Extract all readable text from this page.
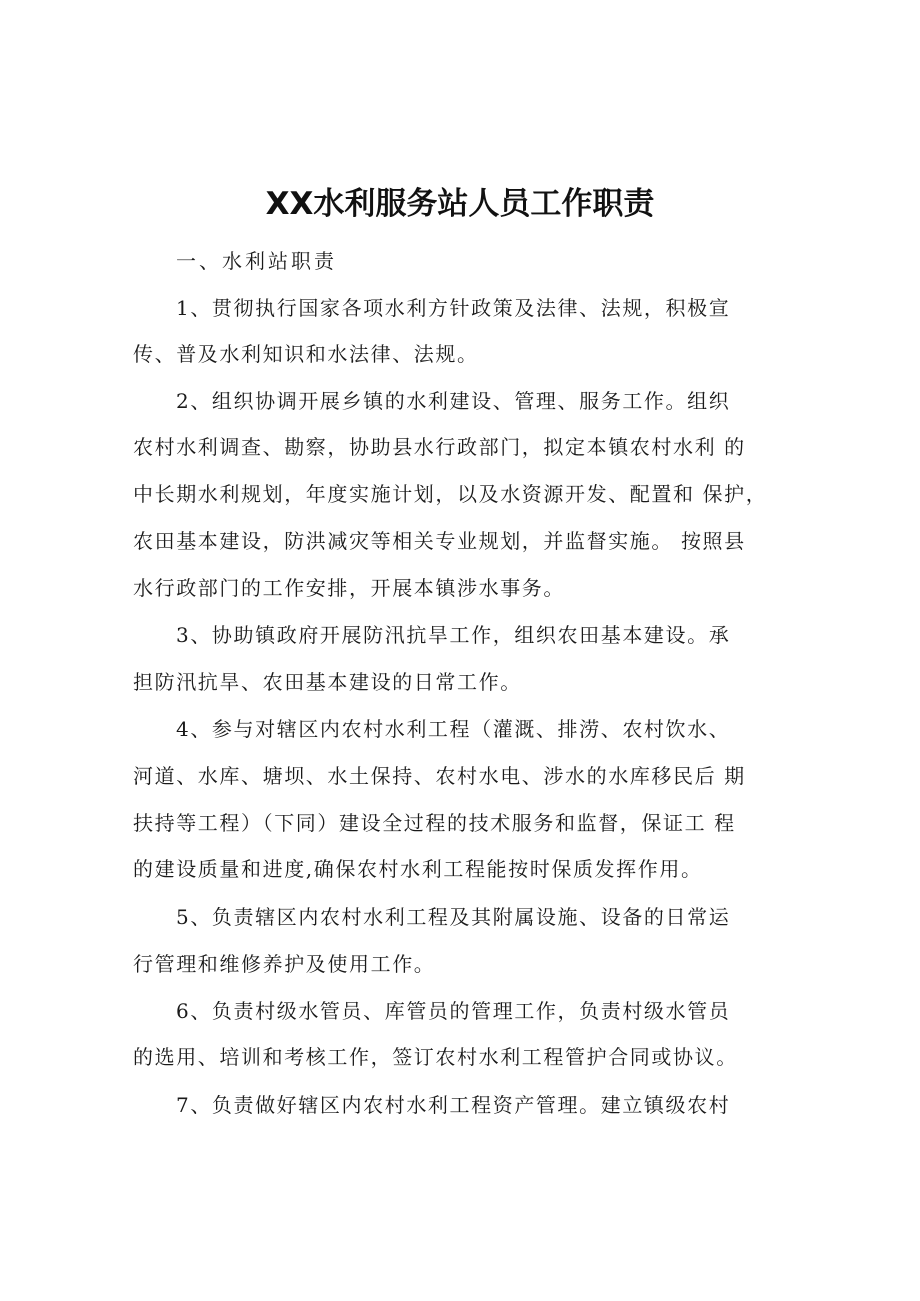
XX水利服务站人员工作职责
一、水利站职责
1、贯彻执行国家各项水利方针政策及法律、法规，积极宣
传、普及水利知识和水法律、法规。
2、组织协调开展乡镇的水利建设、管理、服务工作。组织
农村水利调查、勘察，协助县水行政部门，拟定本镇农村水利 的
中长期水利规划，年度实施计划，以及水资源开发、配置和 保护，
农田基本建设，防洪减灾等相关专业规划，并监督实施。 按照县
水行政部门的工作安排，开展本镇涉水事务。
3、协助镇政府开展防汛抗旱工作，组织农田基本建设。承
担防汛抗旱、农田基本建设的日常工作。
4、参与对辖区内农村水利工程（灌溉、排涝、农村饮水、
河道、水库、塘坝、水土保持、农村水电、涉水的水库移民后 期
扶持等工程）（下同）建设全过程的技术服务和监督，保证工 程
的建设质量和进度,确保农村水利工程能按时保质发挥作用。
5、负责辖区内农村水利工程及其附属设施、设备的日常运
行管理和维修养护及使用工作。
6、负责村级水管员、库管员的管理工作，负责村级水管员
的选用、培训和考核工作，签订农村水利工程管护合同或协议。
7、负责做好辖区内农村水利工程资产管理。建立镇级农村
